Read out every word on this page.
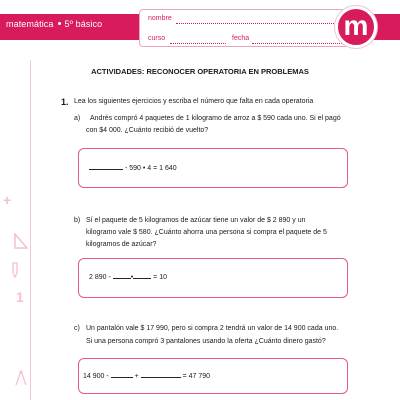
matemática 5º básico
nombre
curso	fecha	m
+
1
ACTIVIDADES: RECONOCER OPERATORIA EN PROBLEMAS
1. Lea los siguientes ejercicios y escriba el número que falta en cada operatoria
a) Andrés compró 4 paquetes de 1 kilogramo de arroz a $ 590 cada uno. Si el pagó
con $4 000. ¿Cuánto recibió de vuelto?
- 590 • 4 = 1 640
b) Sí el paquete de 5 kilogramos de azúcar tiene un valor de $ 2 890 y un
kilogramo vale $ 580. ¿Cuánto ahorra una persona si compra el paquete de 5
kilogramos de azúcar?
2 890 -	•	= 10
c) Un pantalón vale $ 17 990, pero si compra 2 tendrá un valor de 14 900 cada uno.
Si una persona compró 3 pantalones usando la oferta ¿Cuánto dinero gastó?
14 900 -	+	= 47 790
